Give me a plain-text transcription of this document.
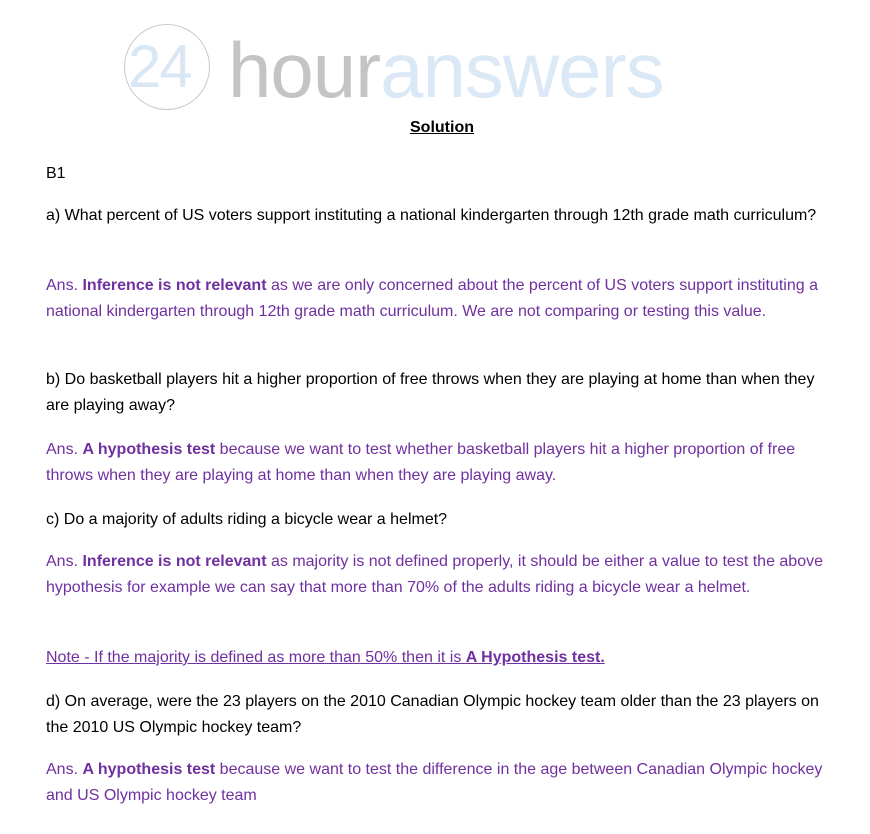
24 houranswers
Solution
B1
a) What percent of US voters support instituting a national kindergarten through 12th grade math curriculum?
Ans. Inference is not relevant as we are only concerned about the percent of US voters support instituting a national kindergarten through 12th grade math curriculum. We are not comparing or testing this value.
b) Do basketball players hit a higher proportion of free throws when they are playing at home than when they are playing away?
Ans. A hypothesis test because we want to test whether basketball players hit a higher proportion of free throws when they are playing at home than when they are playing away.
c) Do a majority of adults riding a bicycle wear a helmet?
Ans. Inference is not relevant as majority is not defined properly, it should be either a value to test the above hypothesis for example we can say that more than 70% of the adults riding a bicycle wear a helmet.
Note - If the majority is defined as more than 50% then it is A Hypothesis test.
d) On average, were the 23 players on the 2010 Canadian Olympic hockey team older than the 23 players on the 2010 US Olympic hockey team?
Ans. A hypothesis test because we want to test the difference in the age between Canadian Olympic hockey and US Olympic hockey team
